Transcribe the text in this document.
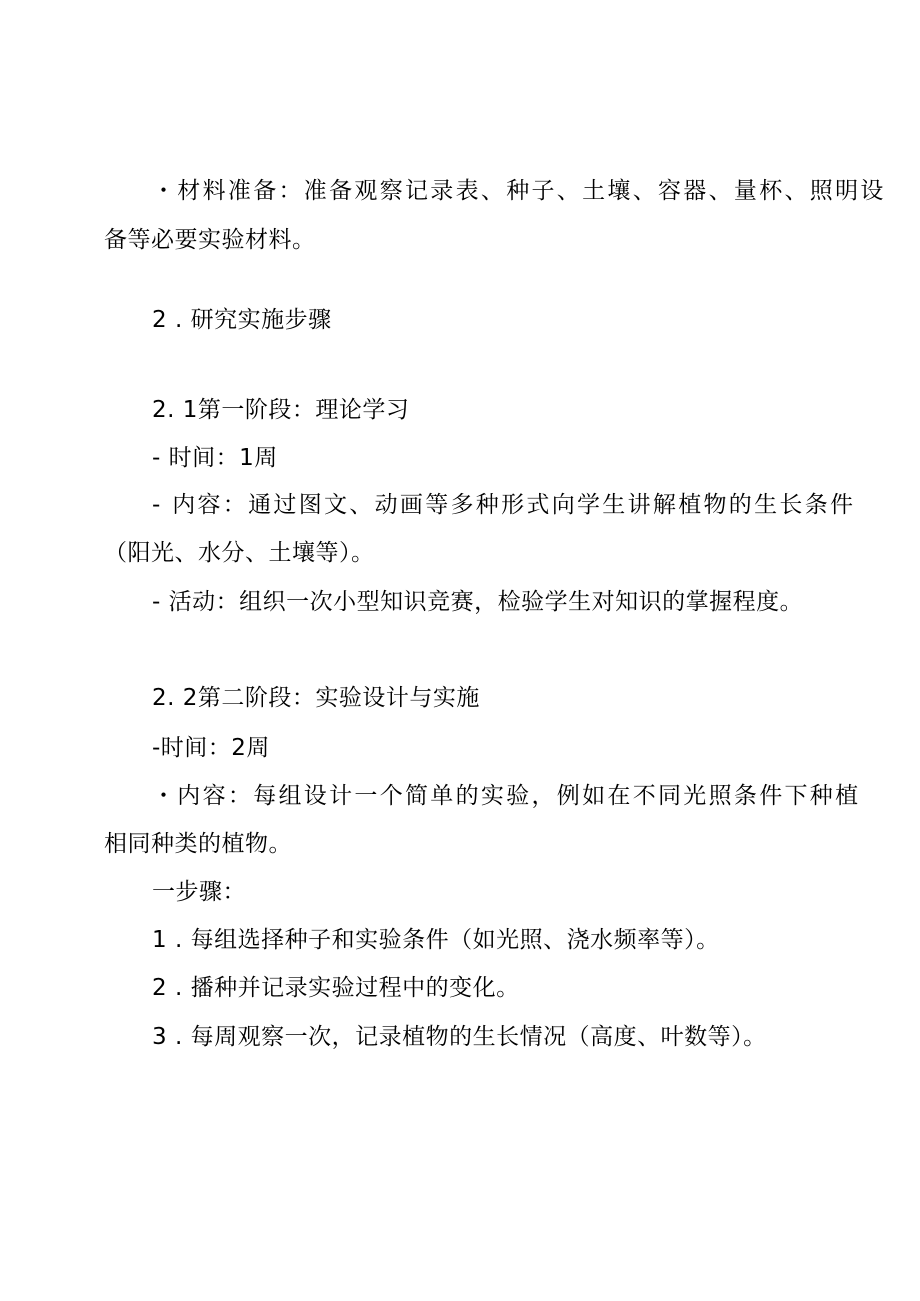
・材料准备：准备观察记录表、种子、土壤、容器、量杯、照明设
备等必要实验材料。
2 . 研究实施步骤
2. 1第一阶段：理论学习
- 时间：1周
- 内容：通过图文、动画等多种形式向学生讲解植物的生长条件
（阳光、水分、土壤等）。
- 活动：组织一次小型知识竞赛，检验学生对知识的掌握程度。
2. 2第二阶段：实验设计与实施
-时间：2周
・内容：每组设计一个简单的实验，例如在不同光照条件下种植
相同种类的植物。
一步骤：
1 . 每组选择种子和实验条件（如光照、浇水频率等）。
2 . 播种并记录实验过程中的变化。
3 . 每周观察一次，记录植物的生长情况（高度、叶数等）。
